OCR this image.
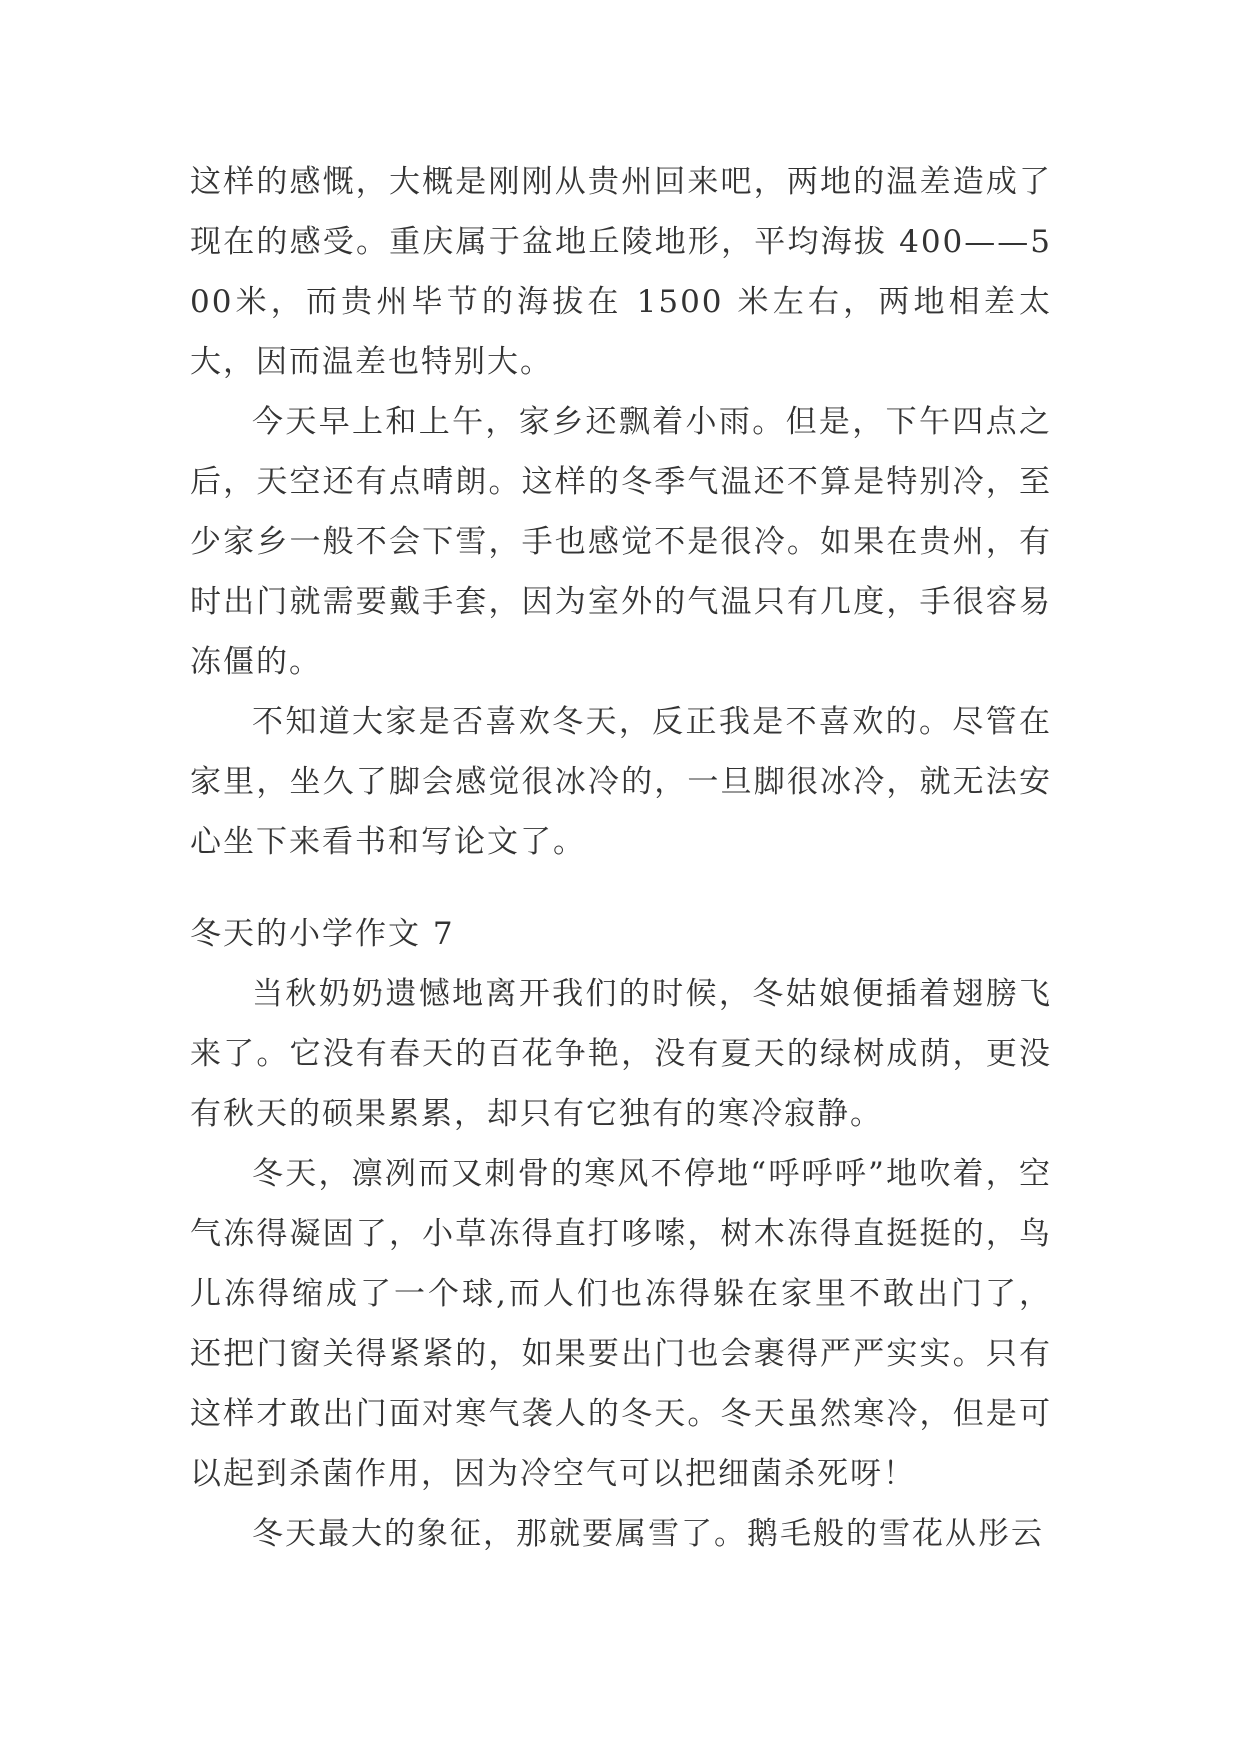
这样的感慨，大概是刚刚从贵州回来吧，两地的温差造成了现在的感受。重庆属于盆地丘陵地形，平均海拔 400——500米，而贵州毕节的海拔在 1500 米左右，两地相差太大，因而温差也特别大。

今天早上和上午，家乡还飘着小雨。但是，下午四点之后，天空还有点晴朗。这样的冬季气温还不算是特别冷，至少家乡一般不会下雪，手也感觉不是很冷。如果在贵州，有时出门就需要戴手套，因为室外的气温只有几度，手很容易冻僵的。

不知道大家是否喜欢冬天，反正我是不喜欢的。尽管在家里，坐久了脚会感觉很冰冷的，一旦脚很冰冷，就无法安心坐下来看书和写论文了。

冬天的小学作文 7

当秋奶奶遗憾地离开我们的时候，冬姑娘便插着翅膀飞来了。它没有春天的百花争艳，没有夏天的绿树成荫，更没有秋天的硕果累累，却只有它独有的寒冷寂静。

冬天，凛冽而又刺骨的寒风不停地“呼呼呼”地吹着，空气冻得凝固了，小草冻得直打哆嗦，树木冻得直挺挺的，鸟儿冻得缩成了一个球,而人们也冻得躲在家里不敢出门了，还把门窗关得紧紧的，如果要出门也会裹得严严实实。只有这样才敢出门面对寒气袭人的冬天。冬天虽然寒冷，但是可以起到杀菌作用，因为冷空气可以把细菌杀死呀！

冬天最大的象征，那就要属雪了。鹅毛般的雪花从彤云
